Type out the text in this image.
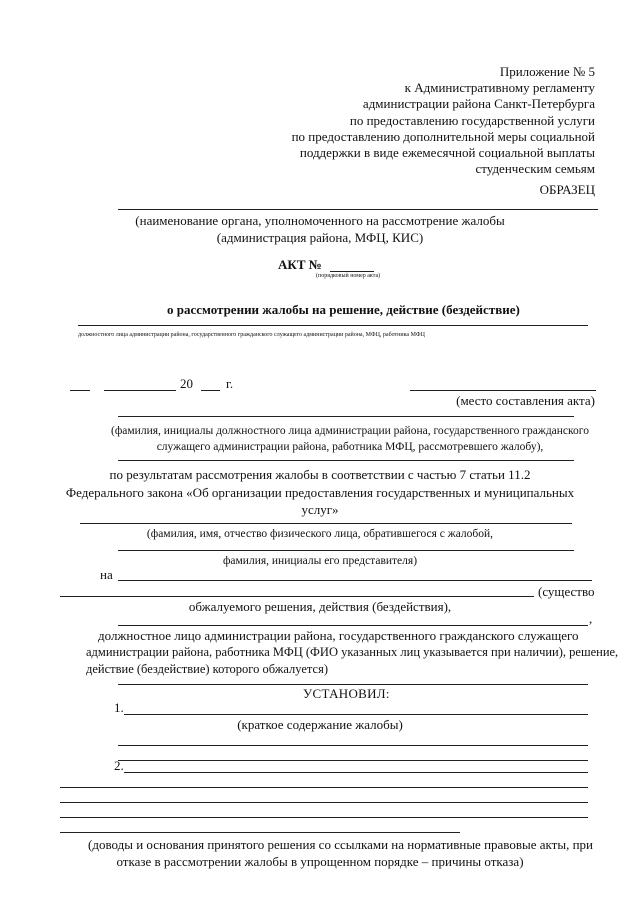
Приложение № 5
к Административному регламенту
администрации района Санкт-Петербурга
по предоставлению государственной услуги
по предоставлению дополнительной меры социальной
поддержки в виде ежемесячной социальной выплаты
студенческим семьям
ОБРАЗЕЦ
(наименование органа, уполномоченного на рассмотрение жалобы
(администрация района, МФЦ, КИС)
АКТ №
(порядковый номер акта)
о рассмотрении жалобы на решение, действие (бездействие)
должностного лица администрации района, государственного гражданского служащего администрации района, МФЦ, работника МФЦ
20	г.
(место составления акта)
(фамилия, инициалы должностного лица администрации района, государственного гражданского
служащего администрации района, работника МФЦ, рассмотревшего жалобу),
по результатам рассмотрения жалобы в соответствии с частью 7 статьи 11.2
Федерального закона «Об организации предоставления государственных и муниципальных
услуг»
(фамилия, имя, отчество физического лица, обратившегося с жалобой,
фамилия, инициалы его представителя)
на
(существо
обжалуемого решения, действия (бездействия),
,
должностное лицо администрации района, государственного гражданского служащего
администрации района, работника МФЦ (ФИО указанных лиц указывается при наличии), решение,
действие (бездействие) которого обжалуется)
УСТАНОВИЛ:
1.
(краткое содержание жалобы)
2.
(доводы и основания принятого решения со ссылками на нормативные правовые акты, при
отказе в рассмотрении жалобы в упрощенном порядке – причины отказа)
